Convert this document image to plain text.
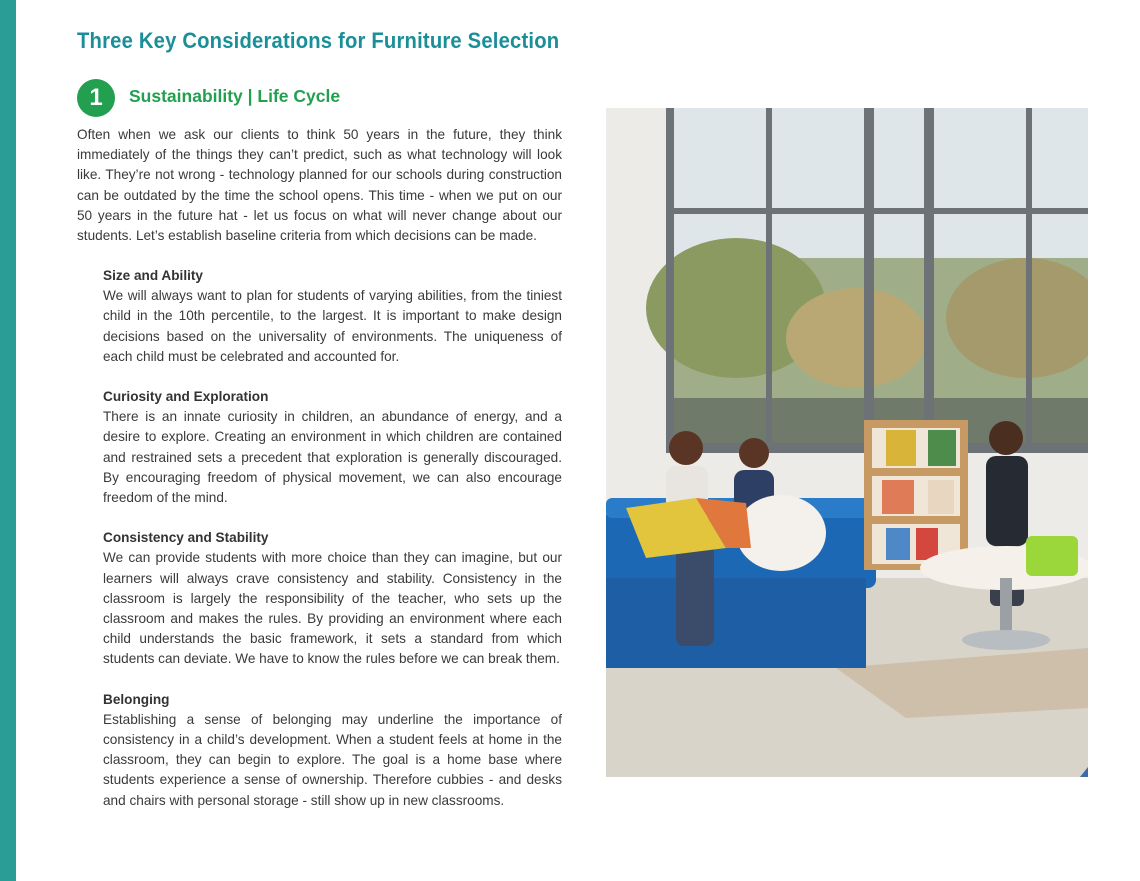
Three Key Considerations for Furniture Selection
1	Sustainability | Life Cycle

Often when we ask our clients to think 50 years in the future, they think immediately of the things they can’t predict, such as what technology will look like. They’re not wrong - technology planned for our schools during construction can be outdated by the time the school opens. This time - when we put on our 50 years in the future hat - let us focus on what will never change about our students. Let’s establish baseline criteria from which decisions can be made.

Size and Ability

We will always want to plan for students of varying abilities, from the tiniest child in the 10th percentile, to the largest. It is important to make design decisions based on the universality of environments. The uniqueness of each child must be celebrated and accounted for.

Curiosity and Exploration

There is an innate curiosity in children, an abundance of energy, and a desire to explore. Creating an environment in which children are contained and restrained sets a precedent that exploration is generally discouraged. By encouraging freedom of physical movement, we can also encourage freedom of the mind.

Consistency and Stability

We can provide students with more choice than they can imagine, but our learners will always crave consistency and stability. Consistency in the classroom is largely the responsibility of the teacher, who sets up the classroom and makes the rules. By providing an environment where each child understands the basic framework, it sets a standard from which students can deviate. We have to know the rules before we can break them.

Belonging

Establishing a sense of belonging may underline the importance of consistency in a child’s development. When a student feels at home in the classroom, they can begin to explore. The goal is a home base where students experience a sense of ownership. Therefore cubbies - and desks and chairs with personal storage - still show up in new classrooms.
